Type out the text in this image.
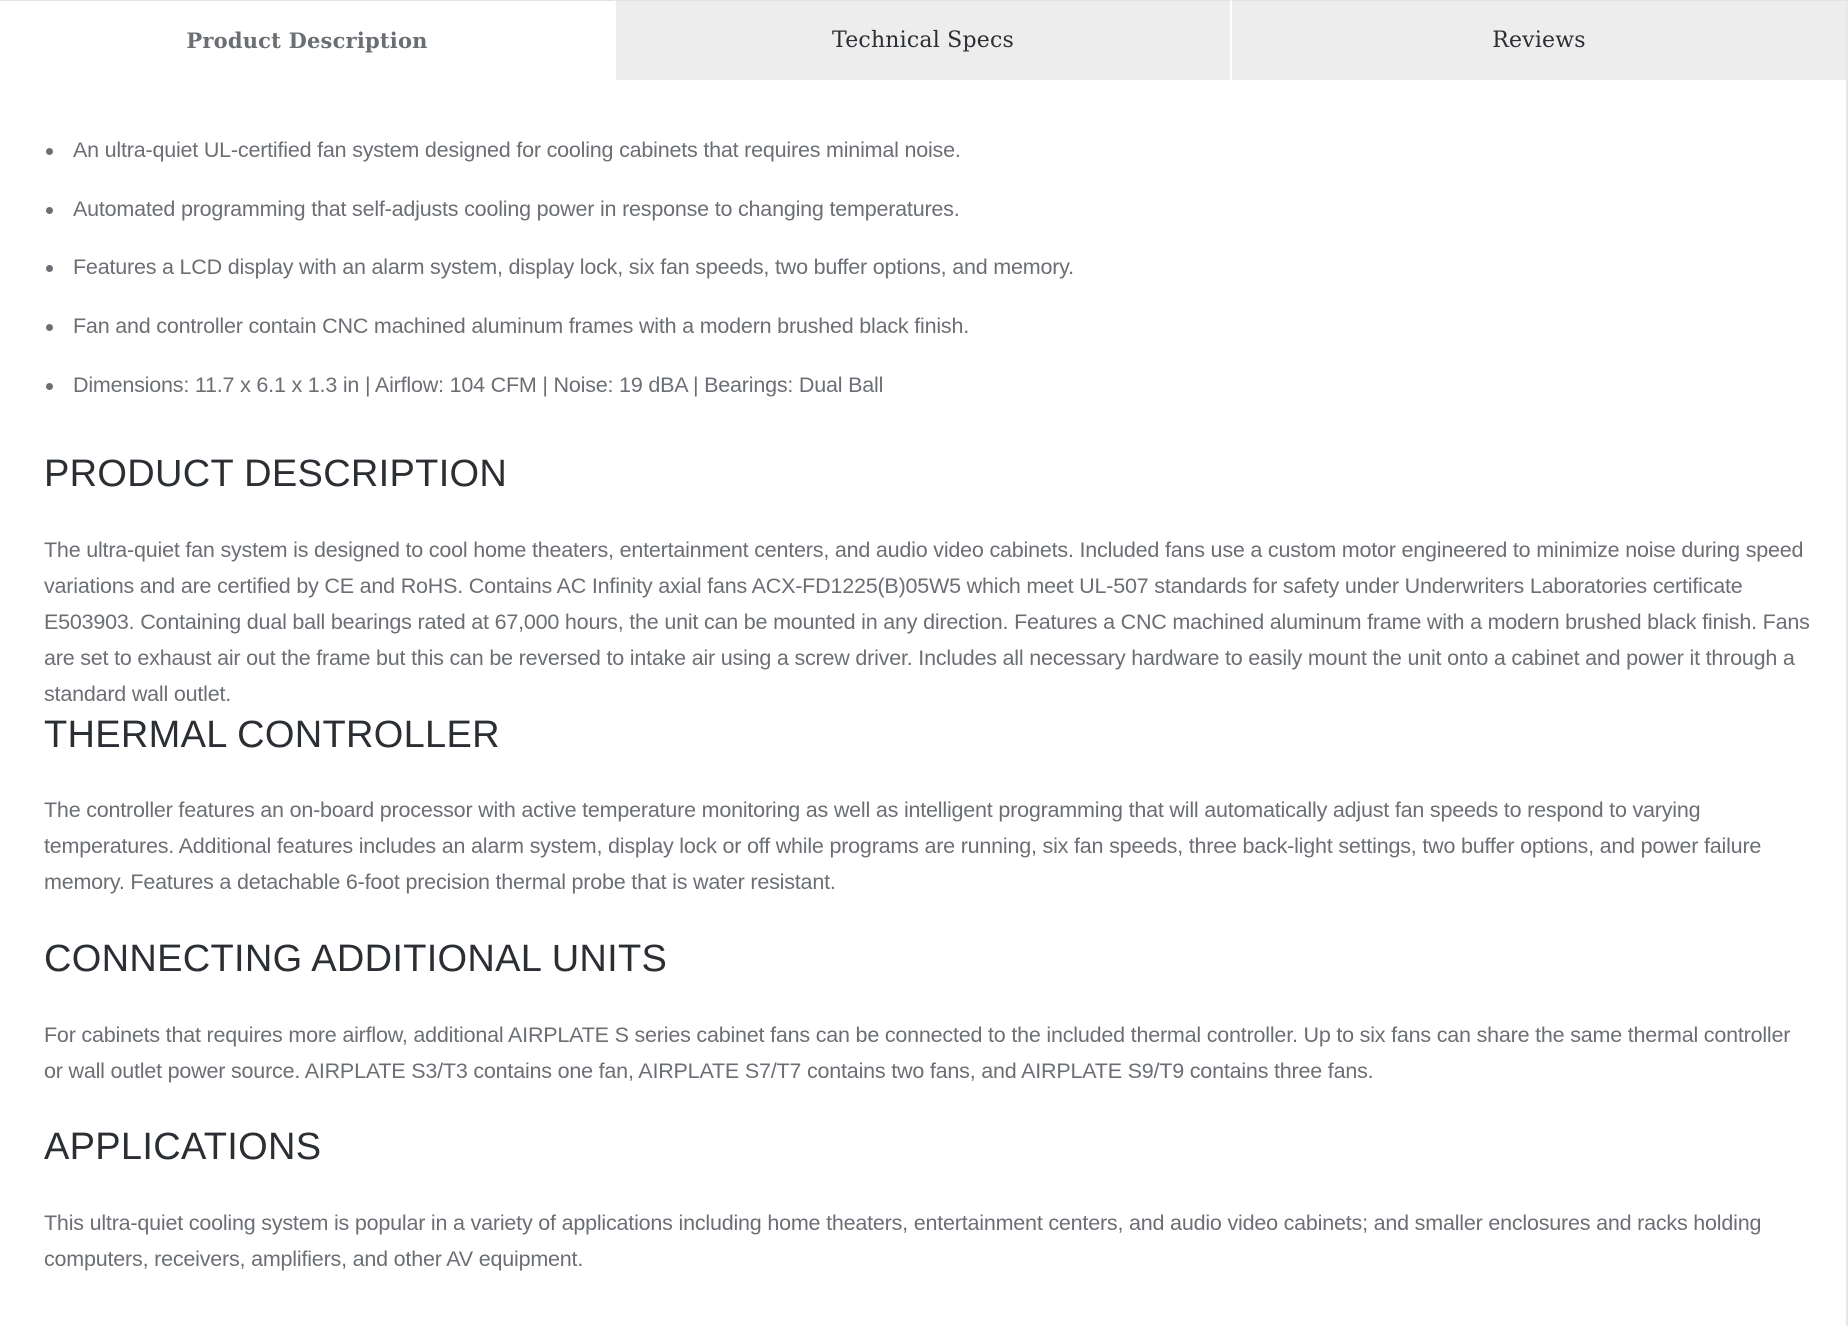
Product Description	Technical Specs	Reviews
An ultra-quiet UL-certified fan system designed for cooling cabinets that requires minimal noise.
Automated programming that self-adjusts cooling power in response to changing temperatures.
Features a LCD display with an alarm system, display lock, six fan speeds, two buffer options, and memory.
Fan and controller contain CNC machined aluminum frames with a modern brushed black finish.
Dimensions: 11.7 x 6.1 x 1.3 in | Airflow: 104 CFM | Noise: 19 dBA | Bearings: Dual Ball
PRODUCT DESCRIPTION

The ultra-quiet fan system is designed to cool home theaters, entertainment centers, and audio video cabinets. Included fans use a custom motor engineered to minimize noise during speed variations and are certified by CE and RoHS. Contains AC Infinity axial fans ACX-FD1225(B)05W5 which meet UL-507 standards for safety under Underwriters Laboratories certificate E503903. Containing dual ball bearings rated at 67,000 hours, the unit can be mounted in any direction. Features a CNC machined aluminum frame with a modern brushed black finish. Fans are set to exhaust air out the frame but this can be reversed to intake air using a screw driver. Includes all necessary hardware to easily mount the unit onto a cabinet and power it through a standard wall outlet.

THERMAL CONTROLLER

The controller features an on-board processor with active temperature monitoring as well as intelligent programming that will automatically adjust fan speeds to respond to varying temperatures. Additional features includes an alarm system, display lock or off while programs are running, six fan speeds, three back-light settings, two buffer options, and power failure memory. Features a detachable 6-foot precision thermal probe that is water resistant.

CONNECTING ADDITIONAL UNITS

For cabinets that requires more airflow, additional AIRPLATE S series cabinet fans can be connected to the included thermal controller. Up to six fans can share the same thermal controller or wall outlet power source. AIRPLATE S3/T3 contains one fan, AIRPLATE S7/T7 contains two fans, and AIRPLATE S9/T9 contains three fans.

APPLICATIONS

This ultra-quiet cooling system is popular in a variety of applications including home theaters, entertainment centers, and audio video cabinets; and smaller enclosures and racks holding computers, receivers, amplifiers, and other AV equipment.
